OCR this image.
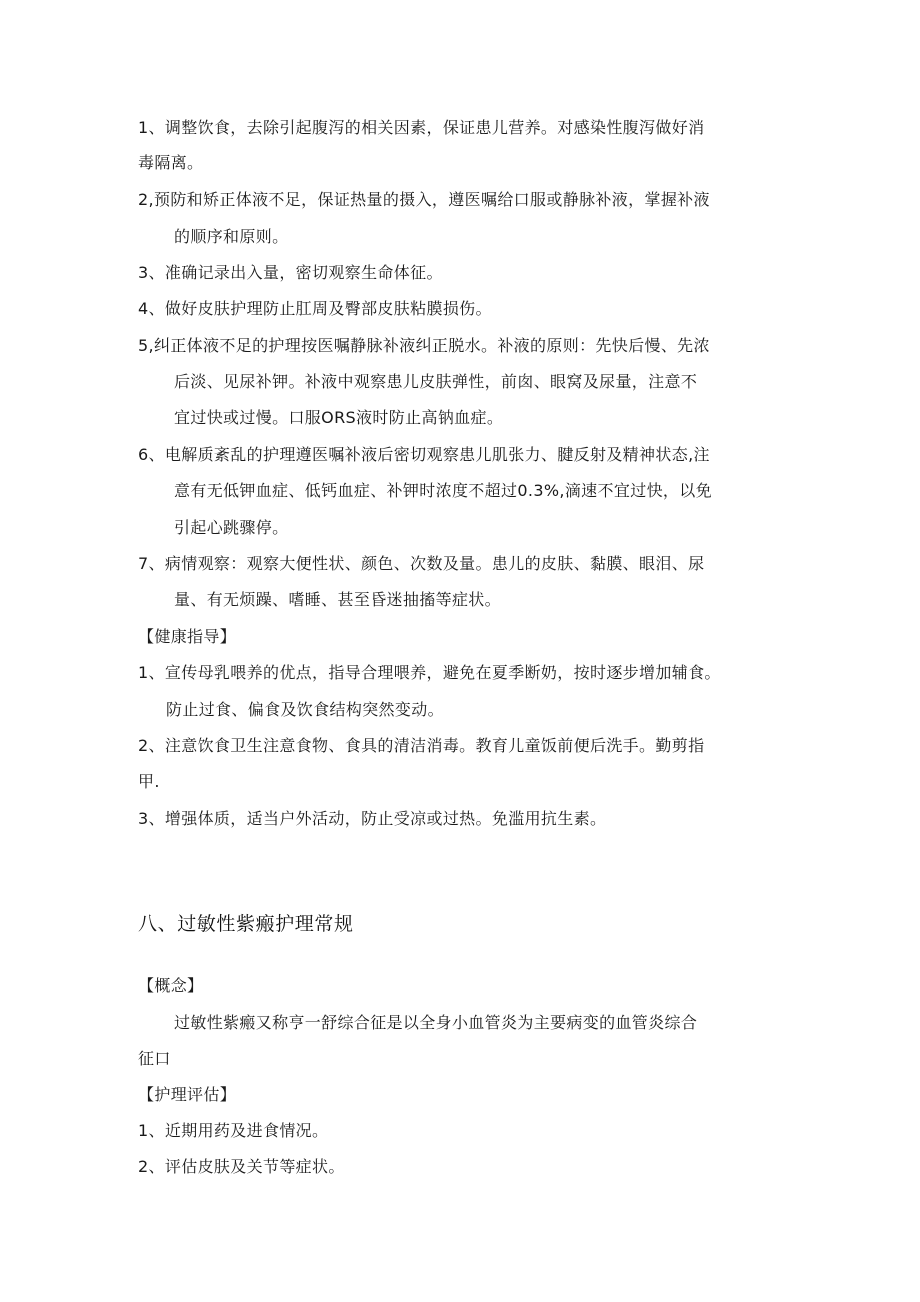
1、调整饮食，去除引起腹泻的相关因素，保证患儿营养。对感染性腹泻做好消
毒隔离。
2,预防和矫正体液不足，保证热量的摄入，遵医嘱给口服或静脉补液，掌握补液
的顺序和原则。
3、准确记录出入量，密切观察生命体征。
4、做好皮肤护理防止肛周及臀部皮肤粘膜损伤。
5,纠正体液不足的护理按医嘱静脉补液纠正脱水。补液的原则：先快后慢、先浓
后淡、见尿补钾。补液中观察患儿皮肤弹性，前囱、眼窝及尿量，注意不
宜过快或过慢。口服ORS液时防止高钠血症。
6、电解质紊乱的护理遵医嘱补液后密切观察患儿肌张力、腱反射及精神状态,注
意有无低钾血症、低钙血症、补钾时浓度不超过0.3%,滴速不宜过快，以免
引起心跳骤停。
7、病情观察：观察大便性状、颜色、次数及量。患儿的皮肤、黏膜、眼泪、尿
量、有无烦躁、嗜睡、甚至昏迷抽搐等症状。
【健康指导】
1、宣传母乳喂养的优点，指导合理喂养，避免在夏季断奶，按时逐步增加辅食。
防止过食、偏食及饮食结构突然变动。
2、注意饮食卫生注意食物、食具的清洁消毒。教育儿童饭前便后洗手。勤剪指
甲.
3、增强体质，适当户外活动，防止受凉或过热。免滥用抗生素。
八、过敏性紫瘢护理常规
【概念】
过敏性紫瘢又称亨一舒综合征是以全身小血管炎为主要病变的血管炎综合
征口
【护理评估】
1、近期用药及进食情况。
2、评估皮肤及关节等症状。
